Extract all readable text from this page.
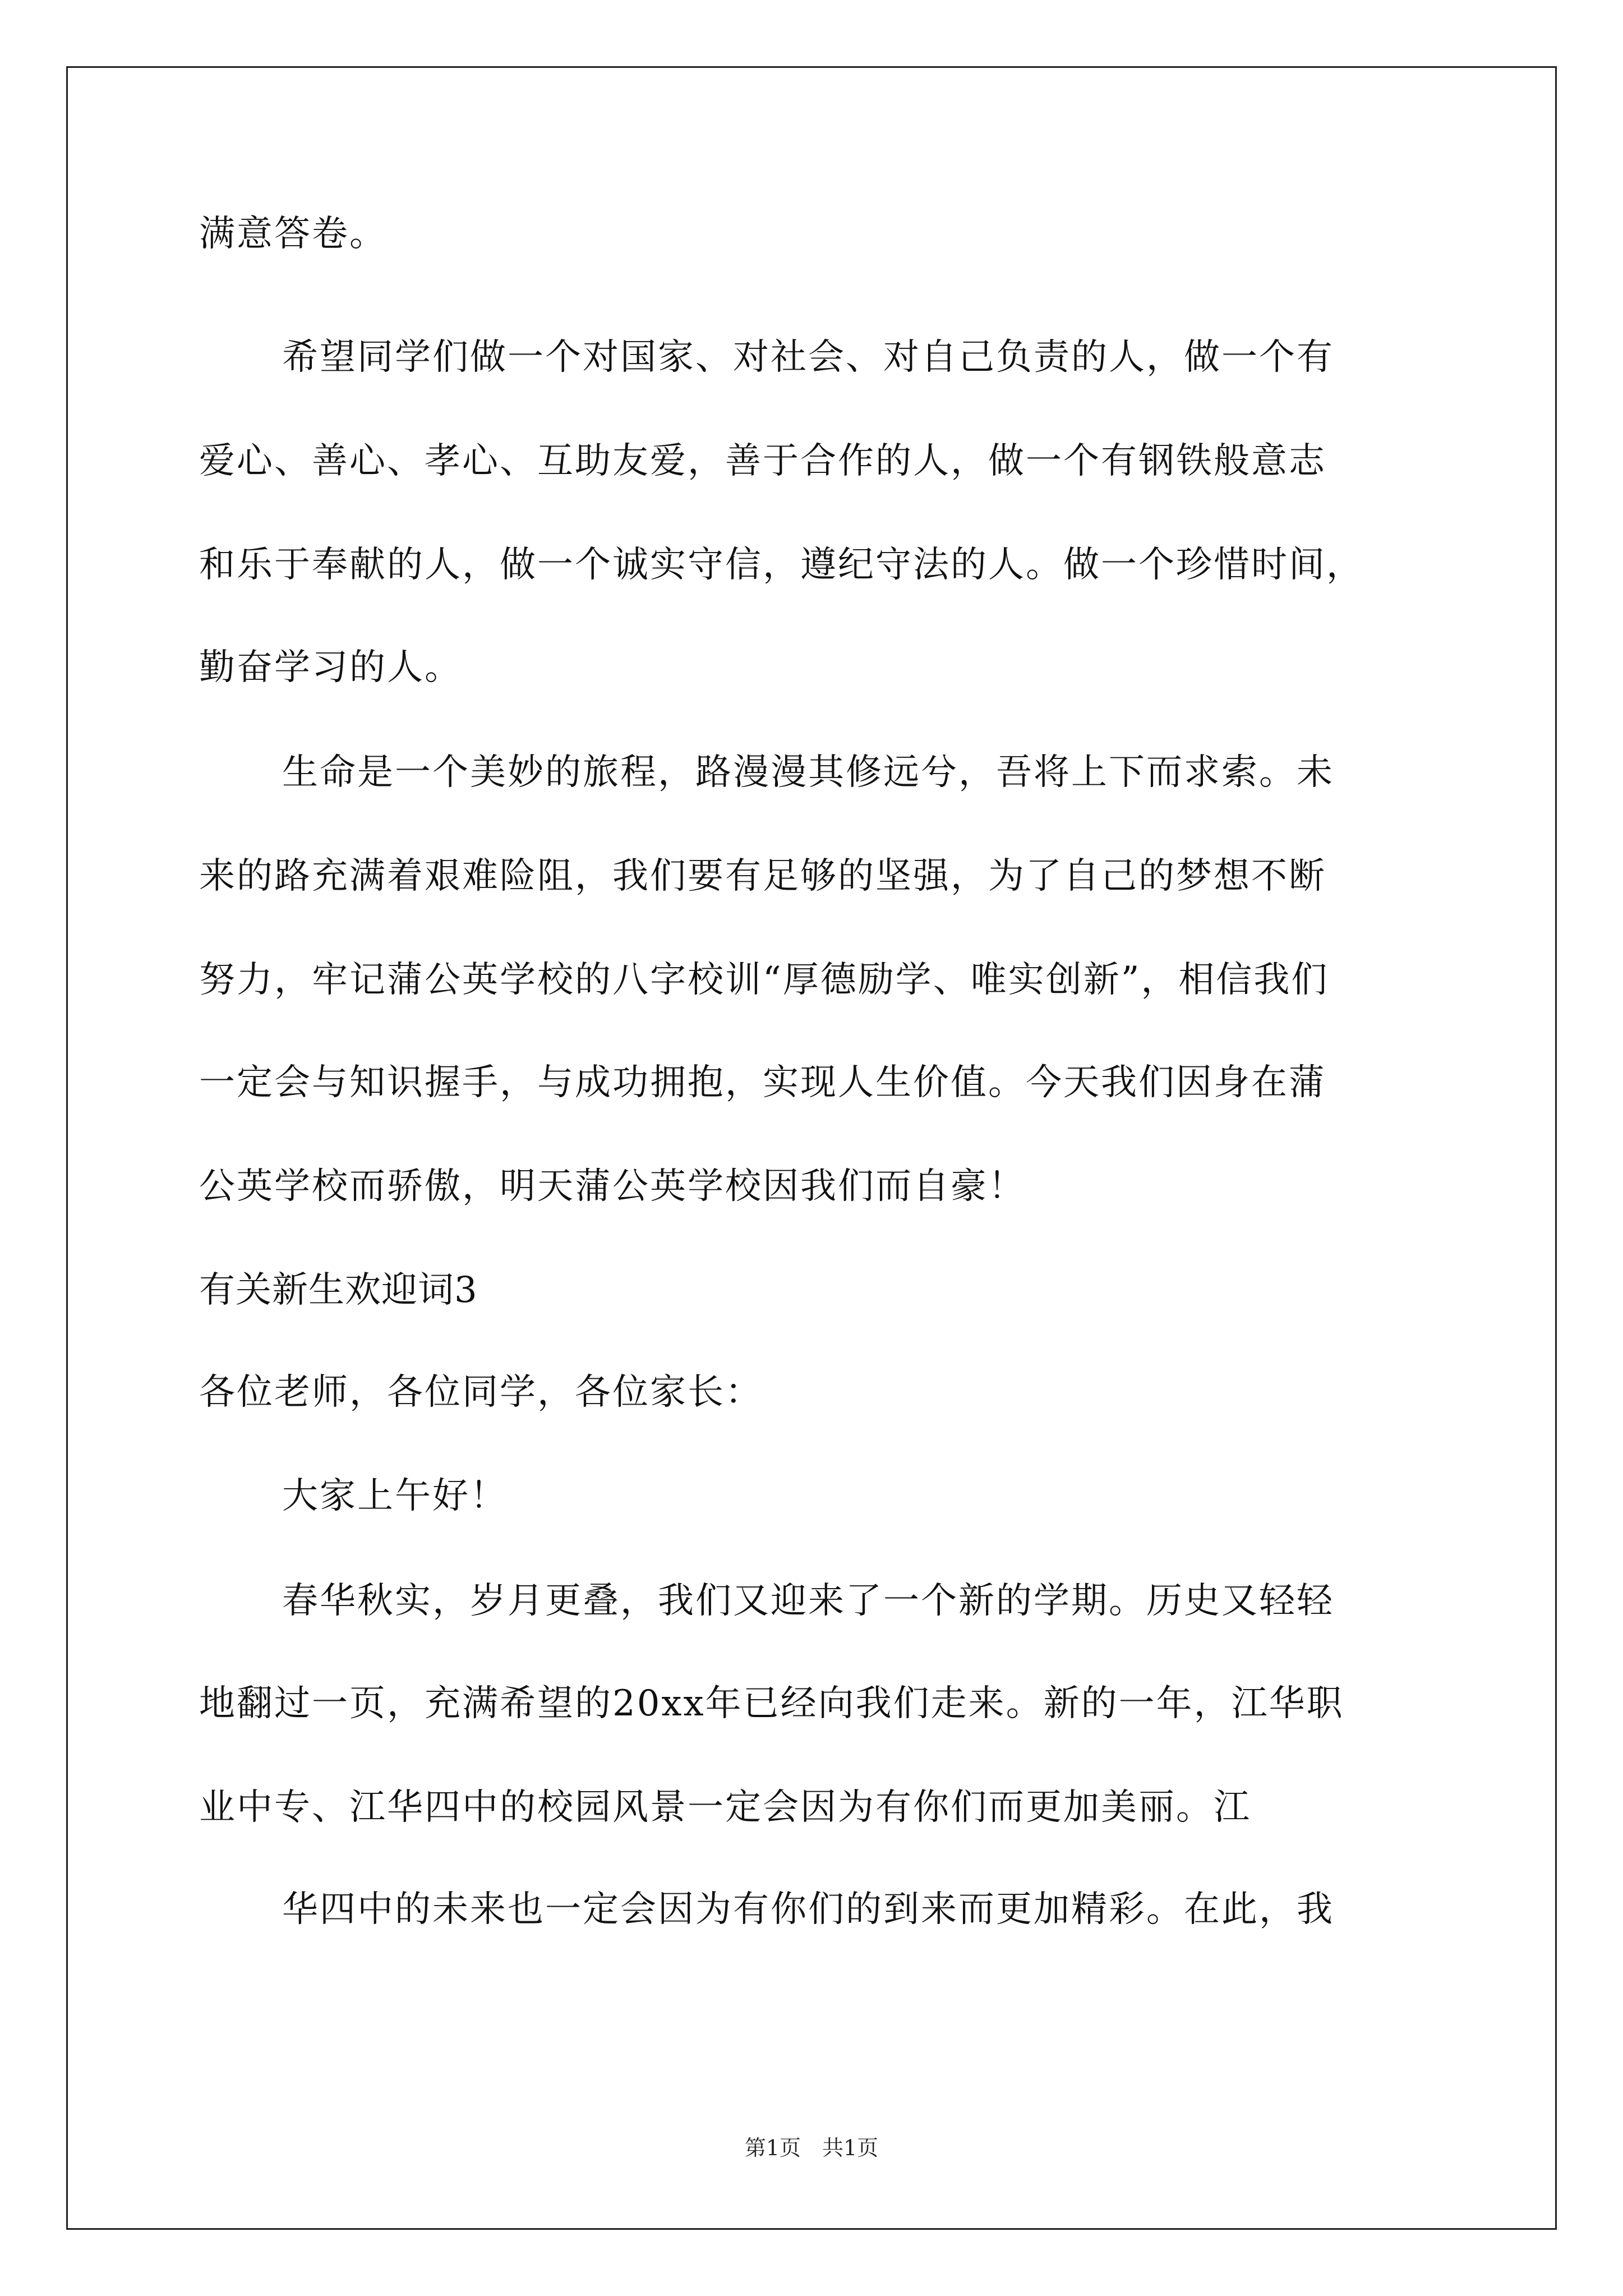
满意答卷。
希望同学们做一个对国家、对社会、对自己负责的人，做一个有
爱心、善心、孝心、互助友爱，善于合作的人，做一个有钢铁般意志
和乐于奉献的人，做一个诚实守信，遵纪守法的人。做一个珍惜时间，
勤奋学习的人。
生命是一个美妙的旅程，路漫漫其修远兮，吾将上下而求索。未
来的路充满着艰难险阻，我们要有足够的坚强，为了自己的梦想不断
努力，牢记蒲公英学校的八字校训“厚德励学、唯实创新”，相信我们
一定会与知识握手，与成功拥抱，实现人生价值。今天我们因身在蒲
公英学校而骄傲，明天蒲公英学校因我们而自豪！
有关新生欢迎词3
各位老师，各位同学，各位家长：
大家上午好！
春华秋实，岁月更叠，我们又迎来了一个新的学期。历史又轻轻
地翻过一页，充满希望的20xx年已经向我们走来。新的一年，江华职
业中专、江华四中的校园风景一定会因为有你们而更加美丽。江
华四中的未来也一定会因为有你们的到来而更加精彩。在此，我
第1页　共1页
